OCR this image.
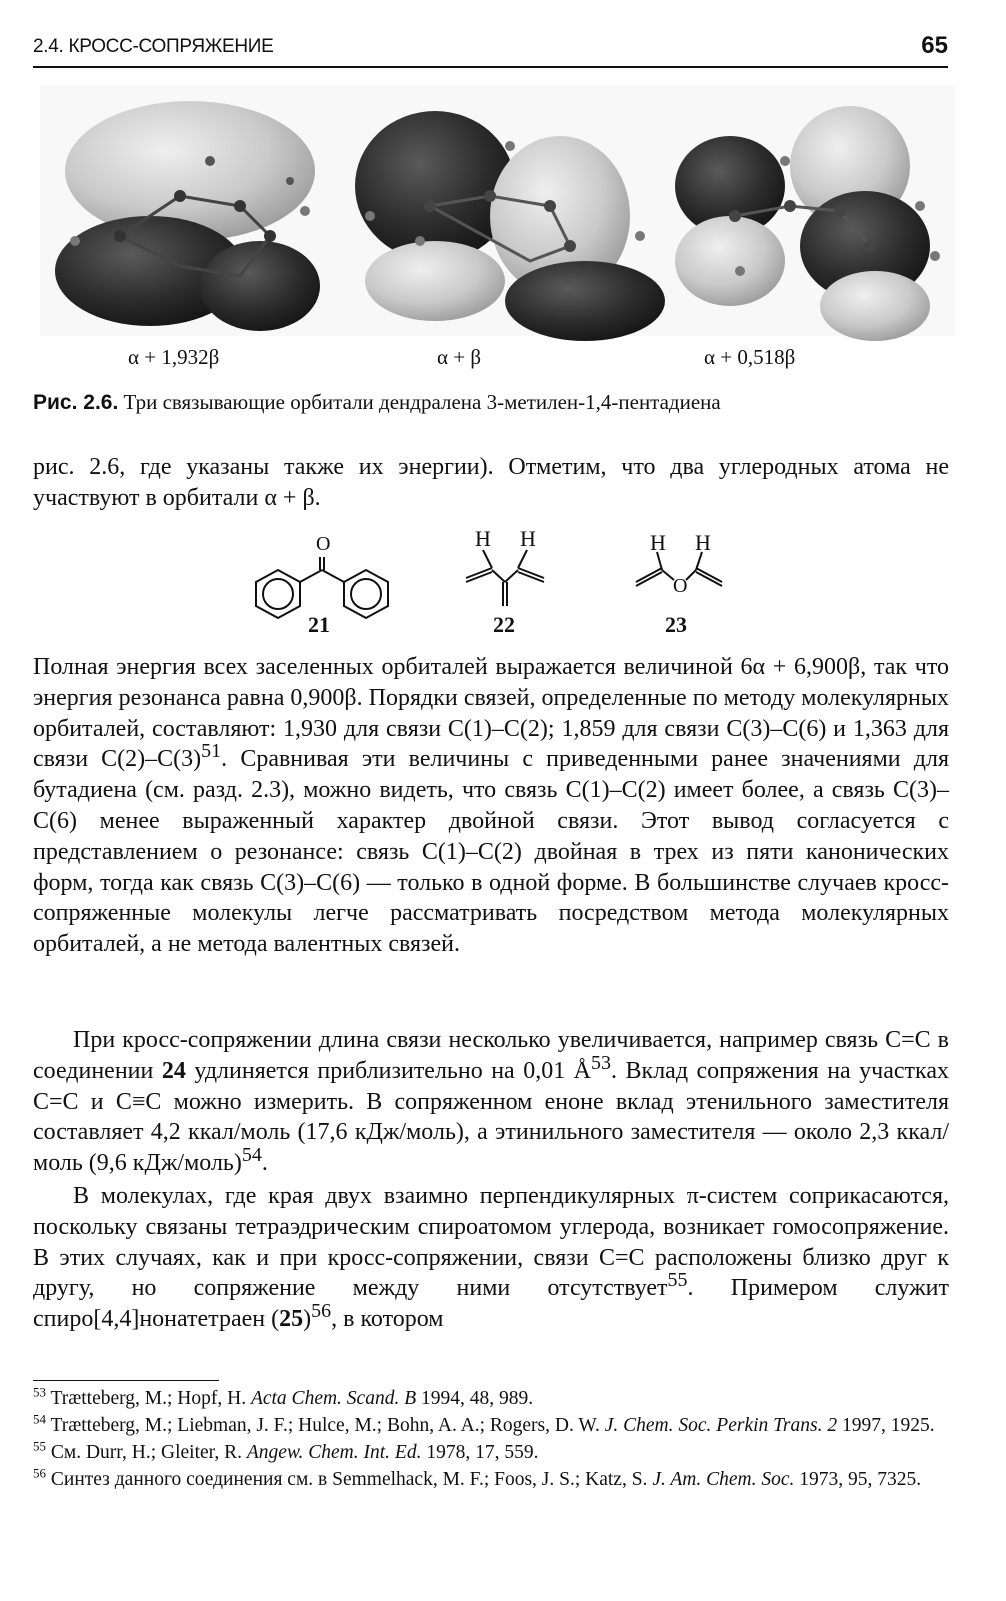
2.4. КРОСС-СОПРЯЖЕНИЕ	65
α + 1,932β	α + β	α + 0,518β
Рис. 2.6. Три связывающие орбитали дендралена 3-метилен-1,4-пентадиена
рис. 2.6, где указаны также их энергии). Отметим, что два углеродных атома не участвуют в орбитали α + β.
O	H H	H H
O
21	22	23
Полная энергия всех заселенных орбиталей выражается величиной 6α + 6,900β, так что энергия резонанса равна 0,900β. Порядки связей, определенные по методу молекулярных орбиталей, составляют: 1,930 для связи C(1)–C(2); 1,859 для связи C(3)–C(6) и 1,363 для связи $C(2)-C(3)^{51}$. Сравнивая эти величины с приведенными ранее значениями для бутадиена (см. разд. 2.3), можно видеть, что связь C(1)–C(2) имеет более, а связь C(3)–C(6) менее выраженный характер двойной связи. Этот вывод согласуется с представлением о резонансе: связь C(1)–C(2) двойная в трех из пяти канонических форм, тогда как связь C(3)–C(6) — только в одной форме. В большинстве случаев кросс-сопряженные молекулы легче рассматривать посредством метода молекулярных орбиталей, а не метода валентных связей.
При кросс-сопряжении длина связи несколько увеличивается, например связь C=C в соединении 24 удлиняется приблизительно на 0,01 $Å^{53}$. Вклад сопряжения на участках C=C и C≡C можно измерить. В сопряженном еноне вклад этенильного заместителя составляет 4,2 ккал/моль (17,6 кДж/моль), а этинильного заместителя — около 2,3 ккал/моль (9,6 кДж/моль)$^{54}$.
В молекулах, где края двух взаимно перпендикулярных π-систем соприкасаются, поскольку связаны тетраэдрическим спироатомом углерода, возникает гомосопряжение. В этих случаях, как и при кросс-сопряжении, связи C=C расположены близко друг к другу, но сопряжение между ними отсутствует$^{55}$. Примером служит спиро[4,4]нонатетраен $(25)^{56}$, в котором
$^{53}$ Trætteberg, M.; Hopf, H. Acta Chem. Scand. B 1994, 48, 989.
$^{54}$ Trætteberg, M.; Liebman, J. F.; Hulce, M.; Bohn, A. A.; Rogers, D. W. J. Chem. Soc. Perkin Trans. 2 1997, 1925.
$^{55}$ См. Durr, H.; Gleiter, R. Angew. Chem. Int. Ed. 1978, 17, 559.
$^{56}$ Синтез данного соединения см. в Semmelhack, M. F.; Foos, J. S.; Katz, S. J. Am. Chem. Soc. 1973, 95, 7325.
